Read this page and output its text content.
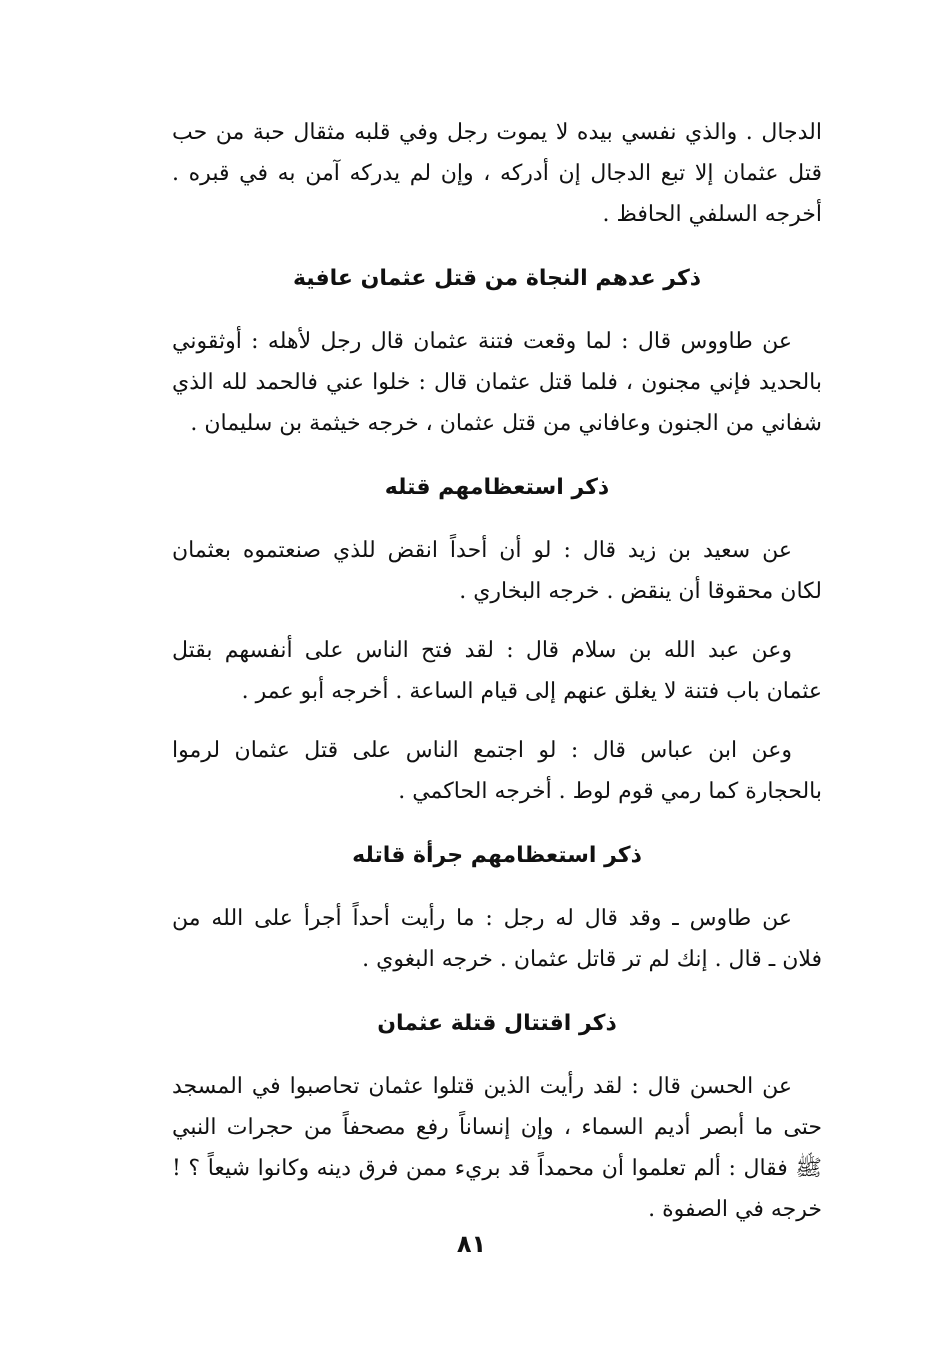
الدجال . والذي نفسي بيده لا يموت رجل وفي قلبه مثقال حبة من حب
قتل عثمان إلا تبع الدجال إن أدركه ، وإن لم يدركه آمن به في قبره .
أخرجه السلفي الحافظ .
ذكر عدهم النجاة من قتل عثمان عافية
عن طاووس قال : لما وقعت فتنة عثمان قال رجل لأهله : أوثقوني
بالحديد فإني مجنون ، فلما قتل عثمان قال : خلوا عني فالحمد لله الذي
شفاني من الجنون وعافاني من قتل عثمان ، خرجه خيثمة بن سليمان .
ذكر استعظامهم قتله
عن سعيد بن زيد قال : لو أن أحداً انقض للذي صنعتموه بعثمان
لكان محقوقا أن ينقض . خرجه البخاري .
وعن عبد الله بن سلام قال : لقد فتح الناس على أنفسهم بقتل
عثمان باب فتنة لا يغلق عنهم إلى قيام الساعة . أخرجه أبو عمر .
وعن ابن عباس قال : لو اجتمع الناس على قتل عثمان لرموا
بالحجارة كما رمي قوم لوط . أخرجه الحاكمي .
ذكر استعظامهم جرأة قاتله
عن طاوس ـ وقد قال له رجل : ما رأيت أحداً أجرأ على الله من
فلان ـ قال . إنك لم تر قاتل عثمان . خرجه البغوي .
ذكر اقتتال قتلة عثمان
عن الحسن قال : لقد رأيت الذين قتلوا عثمان تحاصبوا في المسجد
حتى ما أبصر أديم السماء ، وإن إنساناً رفع مصحفاً من حجرات النبي
ﷺ فقال : ألم تعلموا أن محمداً قد بريء ممن فرق دينه وكانوا شيعاً ؟ !
خرجه في الصفوة .
٨١
